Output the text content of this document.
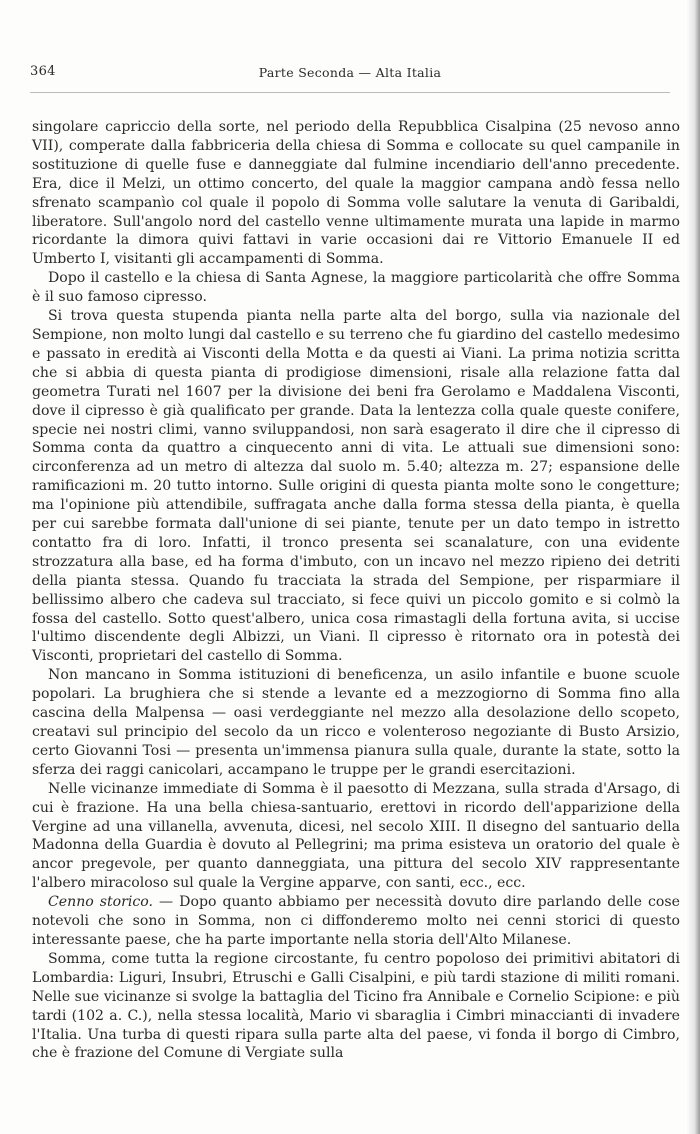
364	Parte Seconda — Alta Italia

singolare capriccio della sorte, nel periodo della Repubblica Cisalpina (25 nevoso anno VII), comperate dalla fabbriceria della chiesa di Somma e collocate su quel campanile in sostituzione di quelle fuse e danneggiate dal fulmine incendiario dell'anno precedente. Era, dice il Melzi, un ottimo concerto, del quale la maggior campana andò fessa nello sfrenato scampanìo col quale il popolo di Somma volle salutare la venuta di Garibaldi, liberatore. Sull'angolo nord del castello venne ultimamente murata una lapide in marmo ricordante la dimora quivi fattavi in varie occasioni dai re Vittorio Emanuele II ed Umberto I, visitanti gli accampamenti di Somma.

Dopo il castello e la chiesa di Santa Agnese, la maggiore particolarità che offre Somma è il suo famoso cipresso.

Si trova questa stupenda pianta nella parte alta del borgo, sulla via nazionale del Sempione, non molto lungi dal castello e su terreno che fu giardino del castello medesimo e passato in eredità ai Visconti della Motta e da questi ai Viani. La prima notizia scritta che si abbia di questa pianta di prodigiose dimensioni, risale alla relazione fatta dal geometra Turati nel 1607 per la divisione dei beni fra Gerolamo e Maddalena Visconti, dove il cipresso è già qualificato per grande. Data la lentezza colla quale queste conifere, specie nei nostri climi, vanno sviluppandosi, non sarà esagerato il dire che il cipresso di Somma conta da quattro a cinquecento anni di vita. Le attuali sue dimensioni sono: circonferenza ad un metro di altezza dal suolo m. 5.40; altezza m. 27; espansione delle ramificazioni m. 20 tutto intorno. Sulle origini di questa pianta molte sono le congetture; ma l'opinione più attendibile, suffragata anche dalla forma stessa della pianta, è quella per cui sarebbe formata dall'unione di sei piante, tenute per un dato tempo in istretto contatto fra di loro. Infatti, il tronco presenta sei scanalature, con una evidente strozzatura alla base, ed ha forma d'imbuto, con un incavo nel mezzo ripieno dei detriti della pianta stessa. Quando fu tracciata la strada del Sempione, per risparmiare il bellissimo albero che cadeva sul tracciato, si fece quivi un piccolo gomito e si colmò la fossa del castello. Sotto quest'albero, unica cosa rimastagli della fortuna avita, si uccise l'ultimo discendente degli Albizzi, un Viani. Il cipresso è ritornato ora in potestà dei Visconti, proprietari del castello di Somma.

Non mancano in Somma istituzioni di beneficenza, un asilo infantile e buone scuole popolari. La brughiera che si stende a levante ed a mezzogiorno di Somma fino alla cascina della Malpensa — oasi verdeggiante nel mezzo alla desolazione dello scopeto, creatavi sul principio del secolo da un ricco e volenteroso negoziante di Busto Arsizio, certo Giovanni Tosi — presenta un'immensa pianura sulla quale, durante la state, sotto la sferza dei raggi canicolari, accampano le truppe per le grandi esercitazioni.

Nelle vicinanze immediate di Somma è il paesotto di Mezzana, sulla strada d'Arsago, di cui è frazione. Ha una bella chiesa-santuario, erettovi in ricordo dell'apparizione della Vergine ad una villanella, avvenuta, dicesi, nel secolo XIII. Il disegno del santuario della Madonna della Guardia è dovuto al Pellegrini; ma prima esisteva un oratorio del quale è ancor pregevole, per quanto danneggiata, una pittura del secolo XIV rappresentante l'albero miracoloso sul quale la Vergine apparve, con santi, ecc., ecc.

Cenno storico. — Dopo quanto abbiamo per necessità dovuto dire parlando delle cose notevoli che sono in Somma, non ci diffonderemo molto nei cenni storici di questo interessante paese, che ha parte importante nella storia dell'Alto Milanese.

Somma, come tutta la regione circostante, fu centro popoloso dei primitivi abitatori di Lombardia: Liguri, Insubri, Etruschi e Galli Cisalpini, e più tardi stazione di militi romani. Nelle sue vicinanze si svolge la battaglia del Ticino fra Annibale e Cornelio Scipione: e più tardi (102 a. C.), nella stessa località, Mario vi sbaraglia i Cimbri minaccianti di invadere l'Italia. Una turba di questi ripara sulla parte alta del paese, vi fonda il borgo di Cimbro, che è frazione del Comune di Vergiate sulla
